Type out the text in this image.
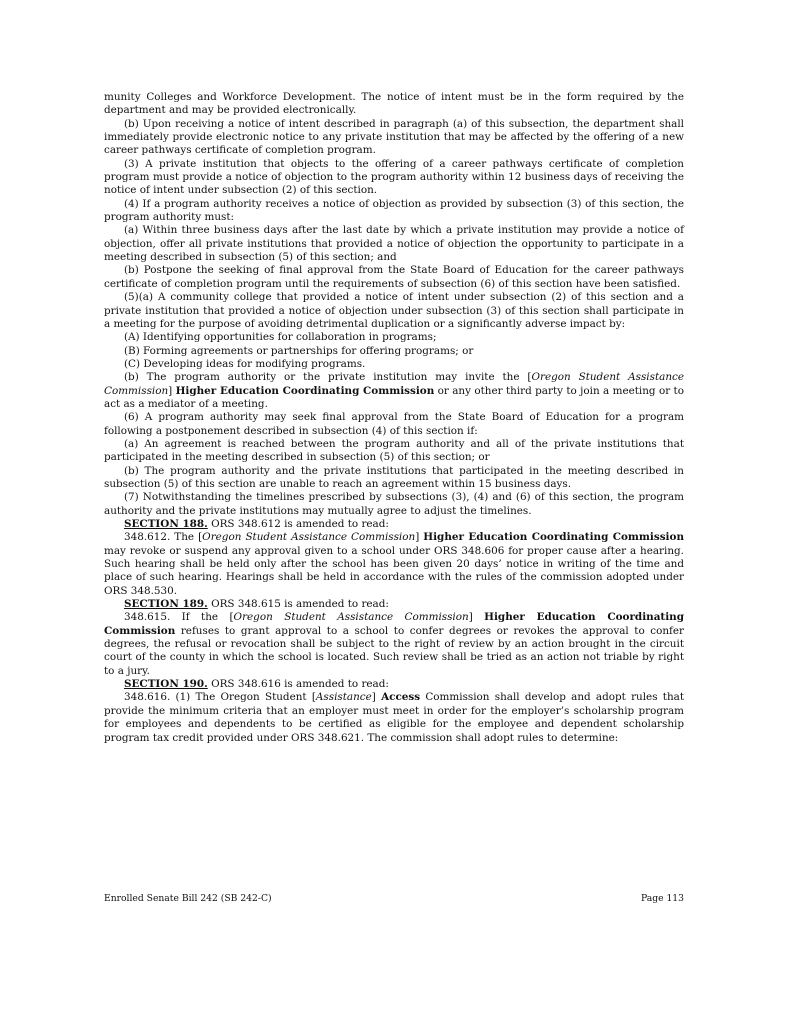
munity Colleges and Workforce Development. The notice of intent must be in the form required by the department and may be provided electronically.

(b) Upon receiving a notice of intent described in paragraph (a) of this subsection, the department shall immediately provide electronic notice to any private institution that may be affected by the offering of a new career pathways certificate of completion program.

(3) A private institution that objects to the offering of a career pathways certificate of completion program must provide a notice of objection to the program authority within 12 business days of receiving the notice of intent under subsection (2) of this section.

(4) If a program authority receives a notice of objection as provided by subsection (3) of this section, the program authority must:

(a) Within three business days after the last date by which a private institution may provide a notice of objection, offer all private institutions that provided a notice of objection the opportunity to participate in a meeting described in subsection (5) of this section; and

(b) Postpone the seeking of final approval from the State Board of Education for the career pathways certificate of completion program until the requirements of subsection (6) of this section have been satisfied.

(5)(a) A community college that provided a notice of intent under subsection (2) of this section and a private institution that provided a notice of objection under subsection (3) of this section shall participate in a meeting for the purpose of avoiding detrimental duplication or a significantly adverse impact by:

(A) Identifying opportunities for collaboration in programs;

(B) Forming agreements or partnerships for offering programs; or

(C) Developing ideas for modifying programs.

(b) The program authority or the private institution may invite the [Oregon Student Assistance Commission] Higher Education Coordinating Commission or any other third party to join a meeting or to act as a mediator of a meeting.

(6) A program authority may seek final approval from the State Board of Education for a program following a postponement described in subsection (4) of this section if:

(a) An agreement is reached between the program authority and all of the private institutions that participated in the meeting described in subsection (5) of this section; or

(b) The program authority and the private institutions that participated in the meeting described in subsection (5) of this section are unable to reach an agreement within 15 business days.

(7) Notwithstanding the timelines prescribed by subsections (3), (4) and (6) of this section, the program authority and the private institutions may mutually agree to adjust the timelines.

SECTION 188. ORS 348.612 is amended to read:

348.612. The [Oregon Student Assistance Commission] Higher Education Coordinating Commission may revoke or suspend any approval given to a school under ORS 348.606 for proper cause after a hearing. Such hearing shall be held only after the school has been given 20 days’ notice in writing of the time and place of such hearing. Hearings shall be held in accordance with the rules of the commission adopted under ORS 348.530.

SECTION 189. ORS 348.615 is amended to read:

348.615. If the [Oregon Student Assistance Commission] Higher Education Coordinating Commission refuses to grant approval to a school to confer degrees or revokes the approval to confer degrees, the refusal or revocation shall be subject to the right of review by an action brought in the circuit court of the county in which the school is located. Such review shall be tried as an action not triable by right to a jury.

SECTION 190. ORS 348.616 is amended to read:

348.616. (1) The Oregon Student [Assistance] Access Commission shall develop and adopt rules that provide the minimum criteria that an employer must meet in order for the employer’s scholarship program for employees and dependents to be certified as eligible for the employee and dependent scholarship program tax credit provided under ORS 348.621. The commission shall adopt rules to determine:

Enrolled Senate Bill 242 (SB 242-C)	Page 113
